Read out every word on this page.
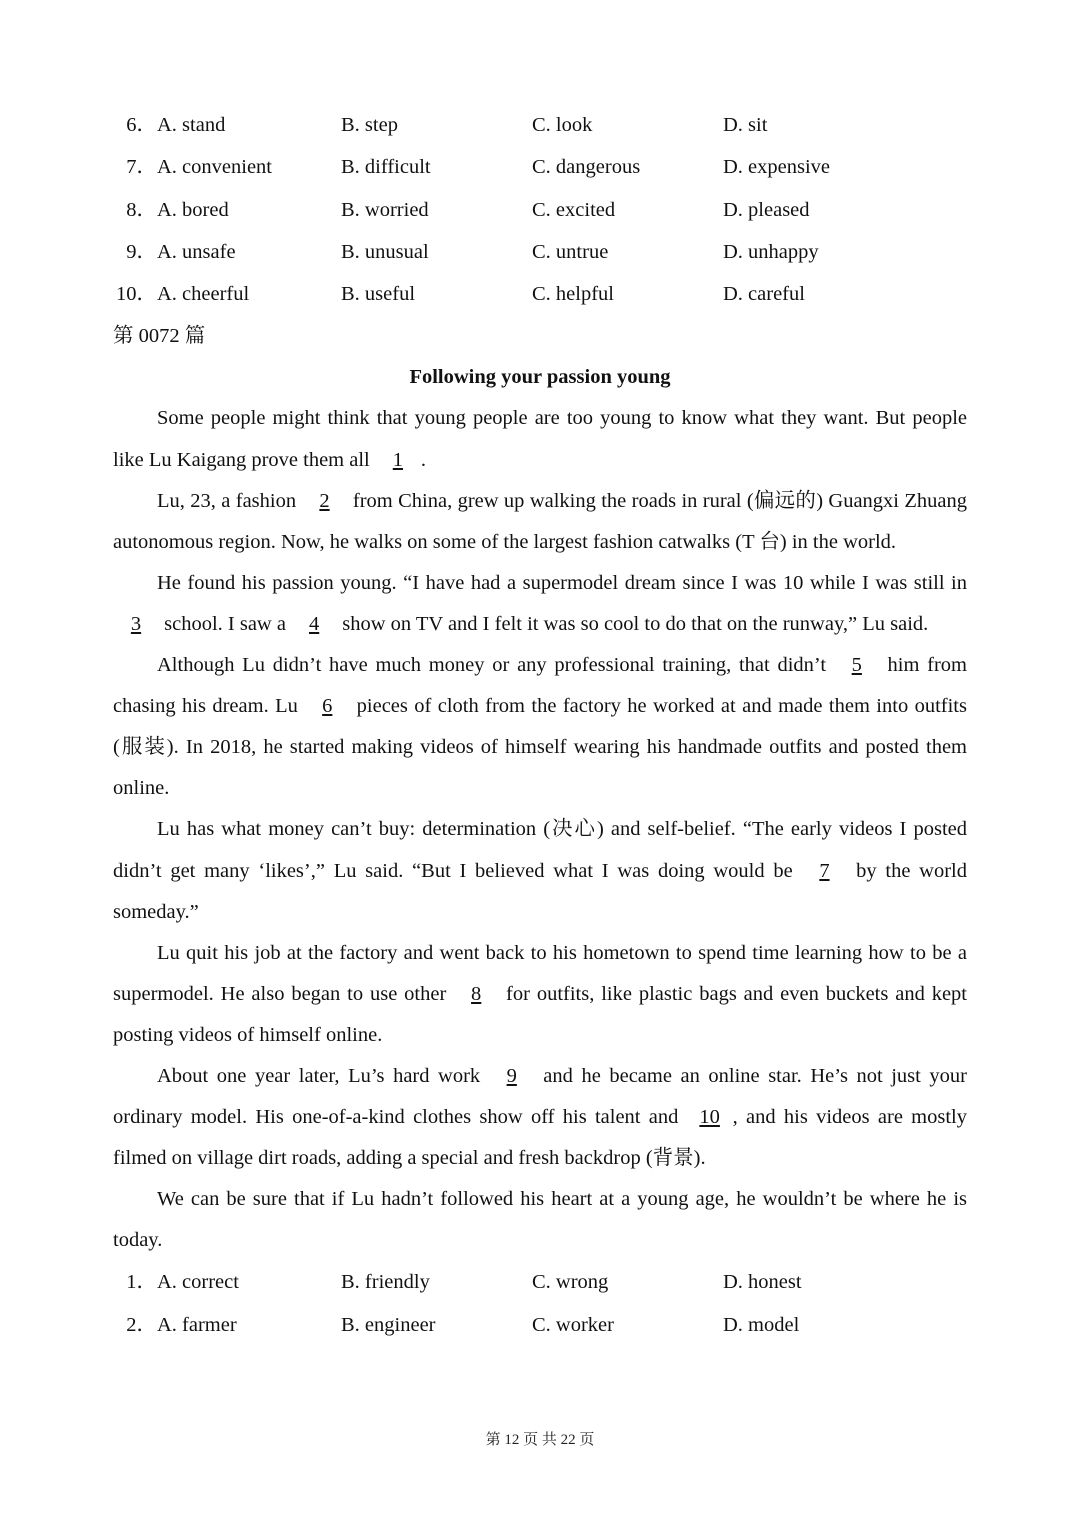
6． A. stand	B. step	C. look	D. sit
7． A. convenient	B. difficult	C. dangerous	D. expensive
8． A. bored	B. worried	C. excited	D. pleased
9． A. unsafe	B. unusual	C. untrue	D. unhappy
10． A. cheerful	B. useful	C. helpful	D. careful
第 0072 篇
Following your passion young

Some people might think that young people are too young to know what they want. But people like Lu Kaigang prove them all 1 .

Lu, 23, a fashion 2 from China, grew up walking the roads in rural (偏远的) Guangxi Zhuang autonomous region. Now, he walks on some of the largest fashion catwalks (T 台) in the world.

He found his passion young. “I have had a supermodel dream since I was 10 while I was still in 3 school. I saw a 4 show on TV and I felt it was so cool to do that on the runway,” Lu said.

Although Lu didn’t have much money or any professional training, that didn’t 5 him from chasing his dream. Lu 6 pieces of cloth from the factory he worked at and made them into outfits (服装). In 2018, he started making videos of himself wearing his handmade outfits and posted them online.

Lu has what money can’t buy: determination (决心) and self-belief. “The early videos I posted didn’t get many ‘likes’,” Lu said. “But I believed what I was doing would be 7 by the world someday.”

Lu quit his job at the factory and went back to his hometown to spend time learning how to be a supermodel. He also began to use other 8 for outfits, like plastic bags and even buckets and kept posting videos of himself online.

About one year later, Lu’s hard work 9 and he became an online star. He’s not just your ordinary model. His one-of-a-kind clothes show off his talent and 10 , and his videos are mostly filmed on village dirt roads, adding a special and fresh backdrop (背景).

We can be sure that if Lu hadn’t followed his heart at a young age, he wouldn’t be where he is today.

1． A. correct	B. friendly	C. wrong	D. honest
2． A. farmer	B. engineer	C. worker	D. model
第 12 页 共 22 页
